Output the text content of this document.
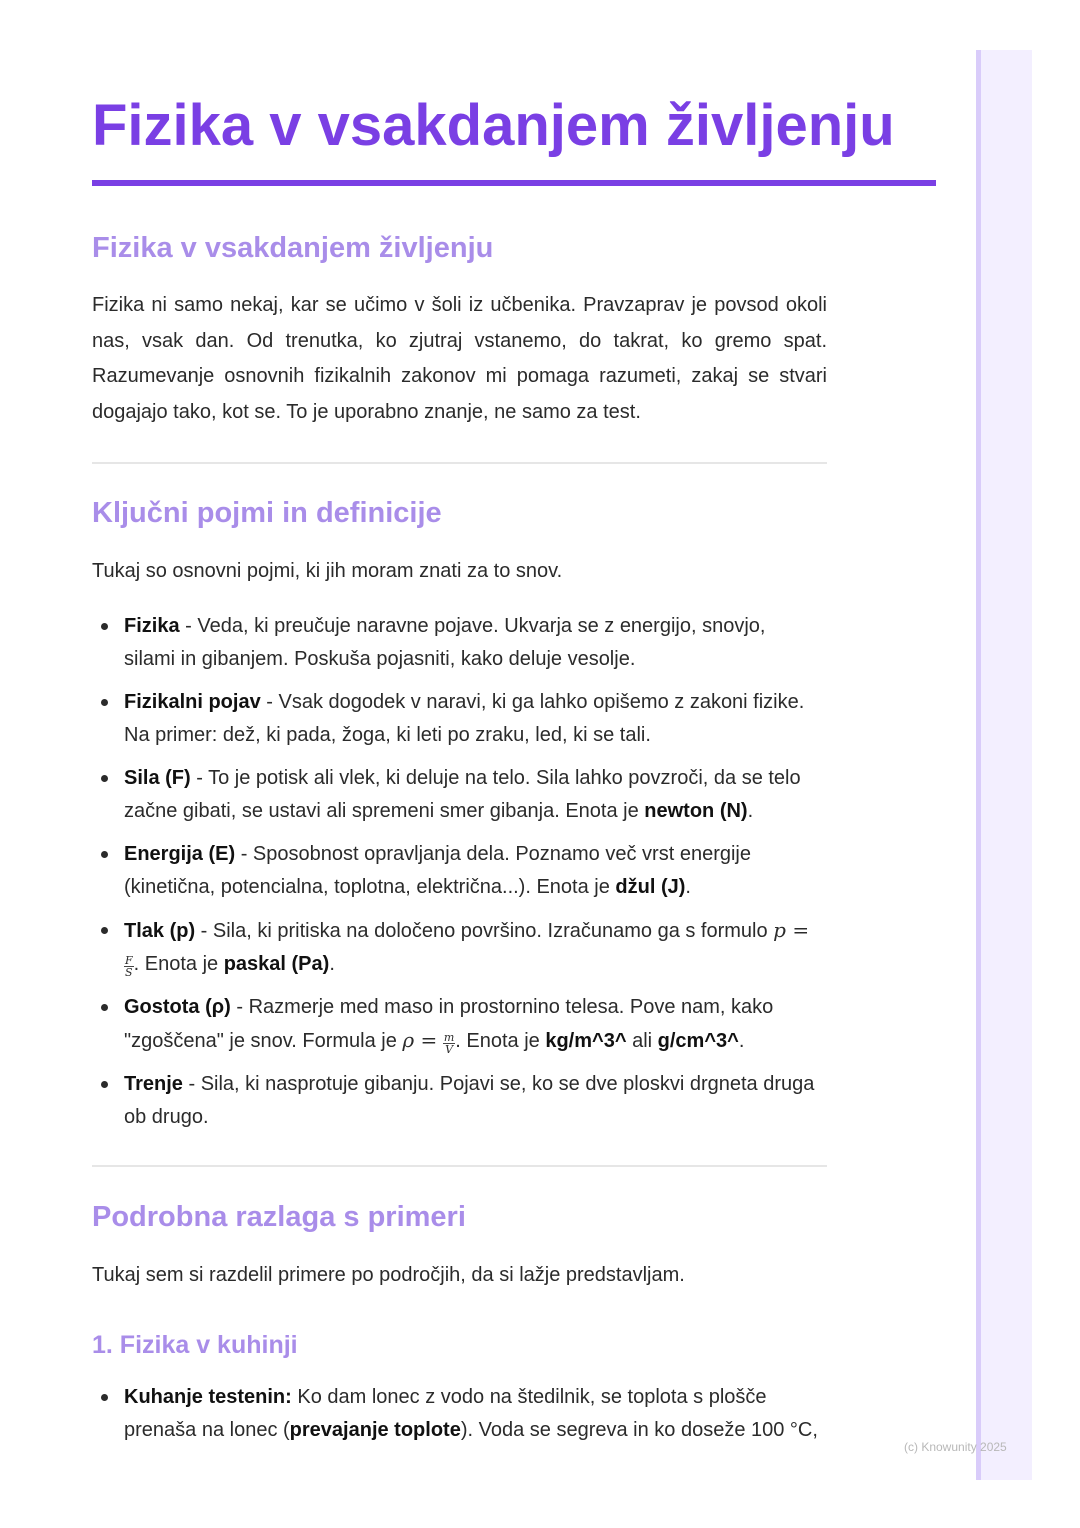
Fizika v vsakdanjem življenju
Fizika v vsakdanjem življenju

Fizika ni samo nekaj, kar se učimo v šoli iz učbenika. Pravzaprav je povsod okoli nas, vsak dan. Od trenutka, ko zjutraj vstanemo, do takrat, ko gremo spat. Razumevanje osnovnih fizikalnih zakonov mi pomaga razumeti, zakaj se stvari dogajajo tako, kot se. To je uporabno znanje, ne samo za test.

Ključni pojmi in definicije

Tukaj so osnovni pojmi, ki jih moram znati za to snov.

Fizika - Veda, ki preučuje naravne pojave. Ukvarja se z energijo, snovjo, silami in gibanjem. Poskuša pojasniti, kako deluje vesolje.
Fizikalni pojav - Vsak dogodek v naravi, ki ga lahko opišemo z zakoni fizike. Na primer: dež, ki pada, žoga, ki leti po zraku, led, ki se tali.
Sila (F) - To je potisk ali vlek, ki deluje na telo. Sila lahko povzroči, da se telo začne gibati, se ustavi ali spremeni smer gibanja. Enota je newton (N).
Energija (E) - Sposobnost opravljanja dela. Poznamo več vrst energije (kinetična, potencialna, toplotna, električna...). Enota je džul (J).
Tlak (p) - Sila, ki pritiska na določeno površino. Izračunamo ga s formulo p =
$\frac{F}{S}$ . Enota je paskal (Pa).
Gostota (ρ) - Razmerje med maso in prostornino telesa. Pove nam, kako "zgoščena" je snov. Formula je $\rho = \frac{m}{V}$ . Enota je kg/m^3^ ali g/cm^3^.
Trenje - Sila, ki nasprotuje gibanju. Pojavi se, ko se dve ploskvi drgneta druga ob drugo.
Podrobna razlaga s primeri

Tukaj sem si razdelil primere po področjih, da si lažje predstavljam.

1. Fizika v kuhinji
Kuhanje testenin: Ko dam lonec z vodo na štedilnik, se toplota s plošče prenaša na lonec (prevajanje toplote). Voda se segreva in ko doseže 100 °C,
(c) Knowunity 2025
